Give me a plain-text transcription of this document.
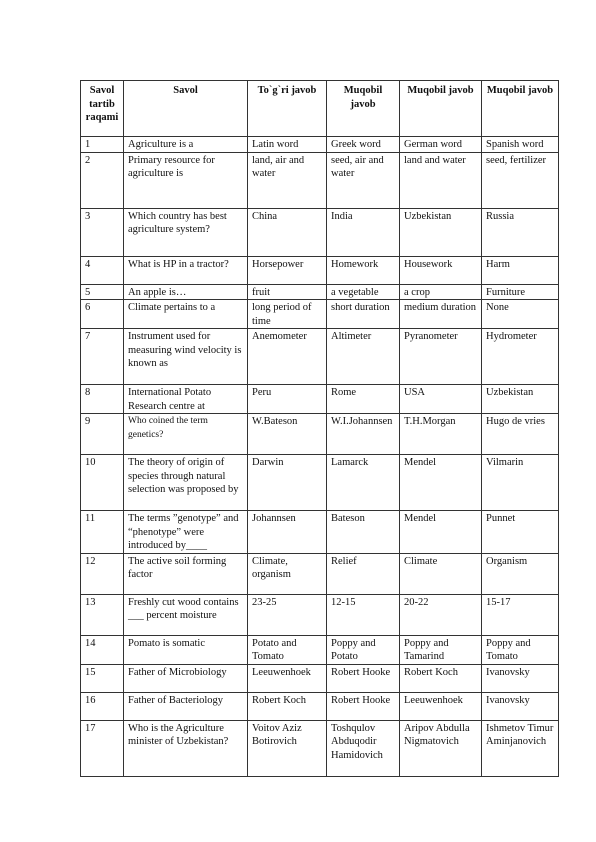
Savol tartib raqami	Savol	To`g`ri javob	Muqobil javob	Muqobil javob	Muqobil javob
1	Agriculture is a	Latin word	Greek word	German word	Spanish word
2	Primary resource for agriculture is	land, air and water	seed, air and water	land and water	seed, fertilizer
3	Which country has best agriculture system?	China	India	Uzbekistan	Russia
4	What is HP in a tractor?	Horsepower	Homework	Housework	Harm
5	An apple is…	fruit	a vegetable	a crop	Furniture
6	Climate pertains to a	long period of time	short duration	medium duration	None
7	Instrument used for measuring wind velocity is known as	Anemometer	Altimeter	Pyranometer	Hydrometer
8	International Potato Research centre at	Peru	Rome	USA	Uzbekistan
9	Who coined the term genetics?	W.Bateson	W.I.Johannsen	T.H.Morgan	Hugo de vries
10	The theory of origin of species through natural selection was proposed by	Darwin	Lamarck	Mendel	Vilmarin
11	The terms ”genotype” and “phenotype” were introduced by____	Johannsen	Bateson	Mendel	Punnet
12	The active soil forming factor	Climate, organism	Relief	Climate	Organism
13	Freshly cut wood contains ___ percent moisture	23-25	12-15	20-22	15-17
14	Pomato is somatic	Potato and Tomato	Poppy and Potato	Poppy and Tamarind	Poppy and Tomato
15	Father of Microbiology	Leeuwenhoek	Robert Hooke	Robert Koch	Ivanovsky
16	Father of Bacteriology	Robert Koch	Robert Hooke	Leeuwenhoek	Ivanovsky
17	Who is the Agriculture minister of Uzbekistan?	Voitov Aziz Botirovich	Toshqulov Abduqodir Hamidovich	Aripov Abdulla Nigmatovich	Ishmetov Timur Aminjanovich
